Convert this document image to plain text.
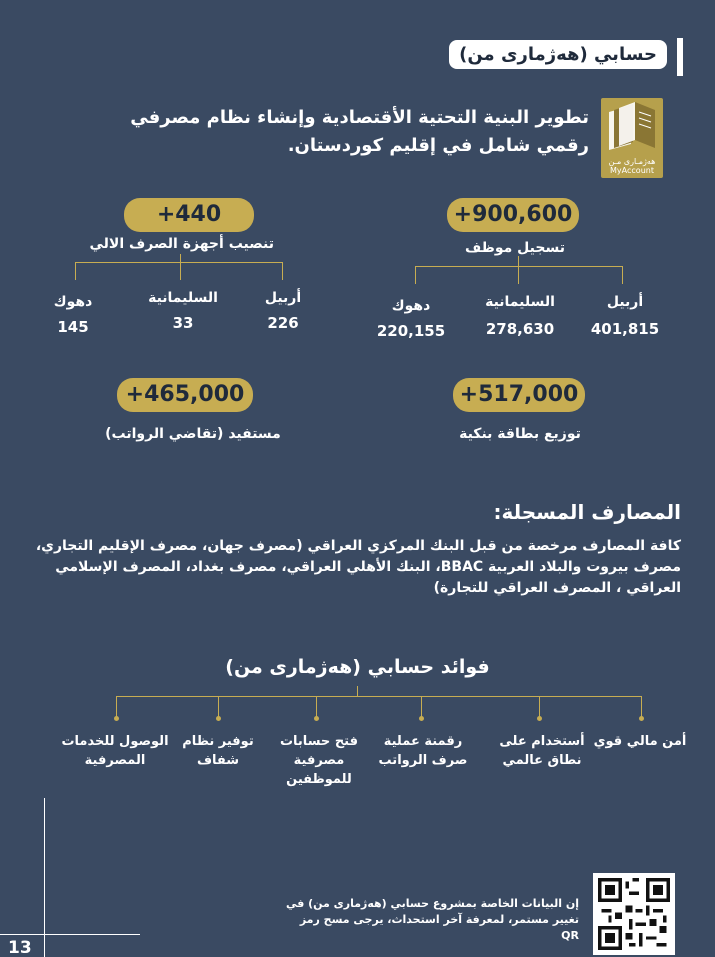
حسابي (هەژمارى من)
هەژمـارى مـن
MyAccount
تطوير البنية التحتية الأقتصادية وإنشاء نظام مصرفي رقمي شامل في إقليم كوردستان.
+900,600
تسجيل موظف
أربيل
السليمانية
دهوك
401,815
278,630
220,155
+440
تنصيب أجهزة الصرف الالي
أربيل
السليمانية
دهوك
226
33
145
+517,000
توزيع بطاقة بنكية
+465,000
مستفيد (تقاضي الرواتب)
المصارف المسجلة:
كافة المصارف مرخصة من قبل البنك المركزي العراقي (مصرف جهان، مصرف الإقليم التجاري، مصرف بيروت والبلاد العربية BBAC، البنك الأهلي العراقي، مصرف بغداد، المصرف الإسلامي العراقي ، المصرف العراقي للتجارة)
فوائد حسابي (هەژمارى من)
أمن مالي قوي
أستخدام على نطاق عالمي
رقمنة عملية صرف الرواتب
فتح حسابات مصرفية للموظفين
توفير نظام شفاف
الوصول للخدمات المصرفية
13
إن البيانات الخاصة بمشروع حسابي (هەژمارى من) في تغيير مستمر، لمعرفة آخر استحداث، يرجى مسح رمز QR
